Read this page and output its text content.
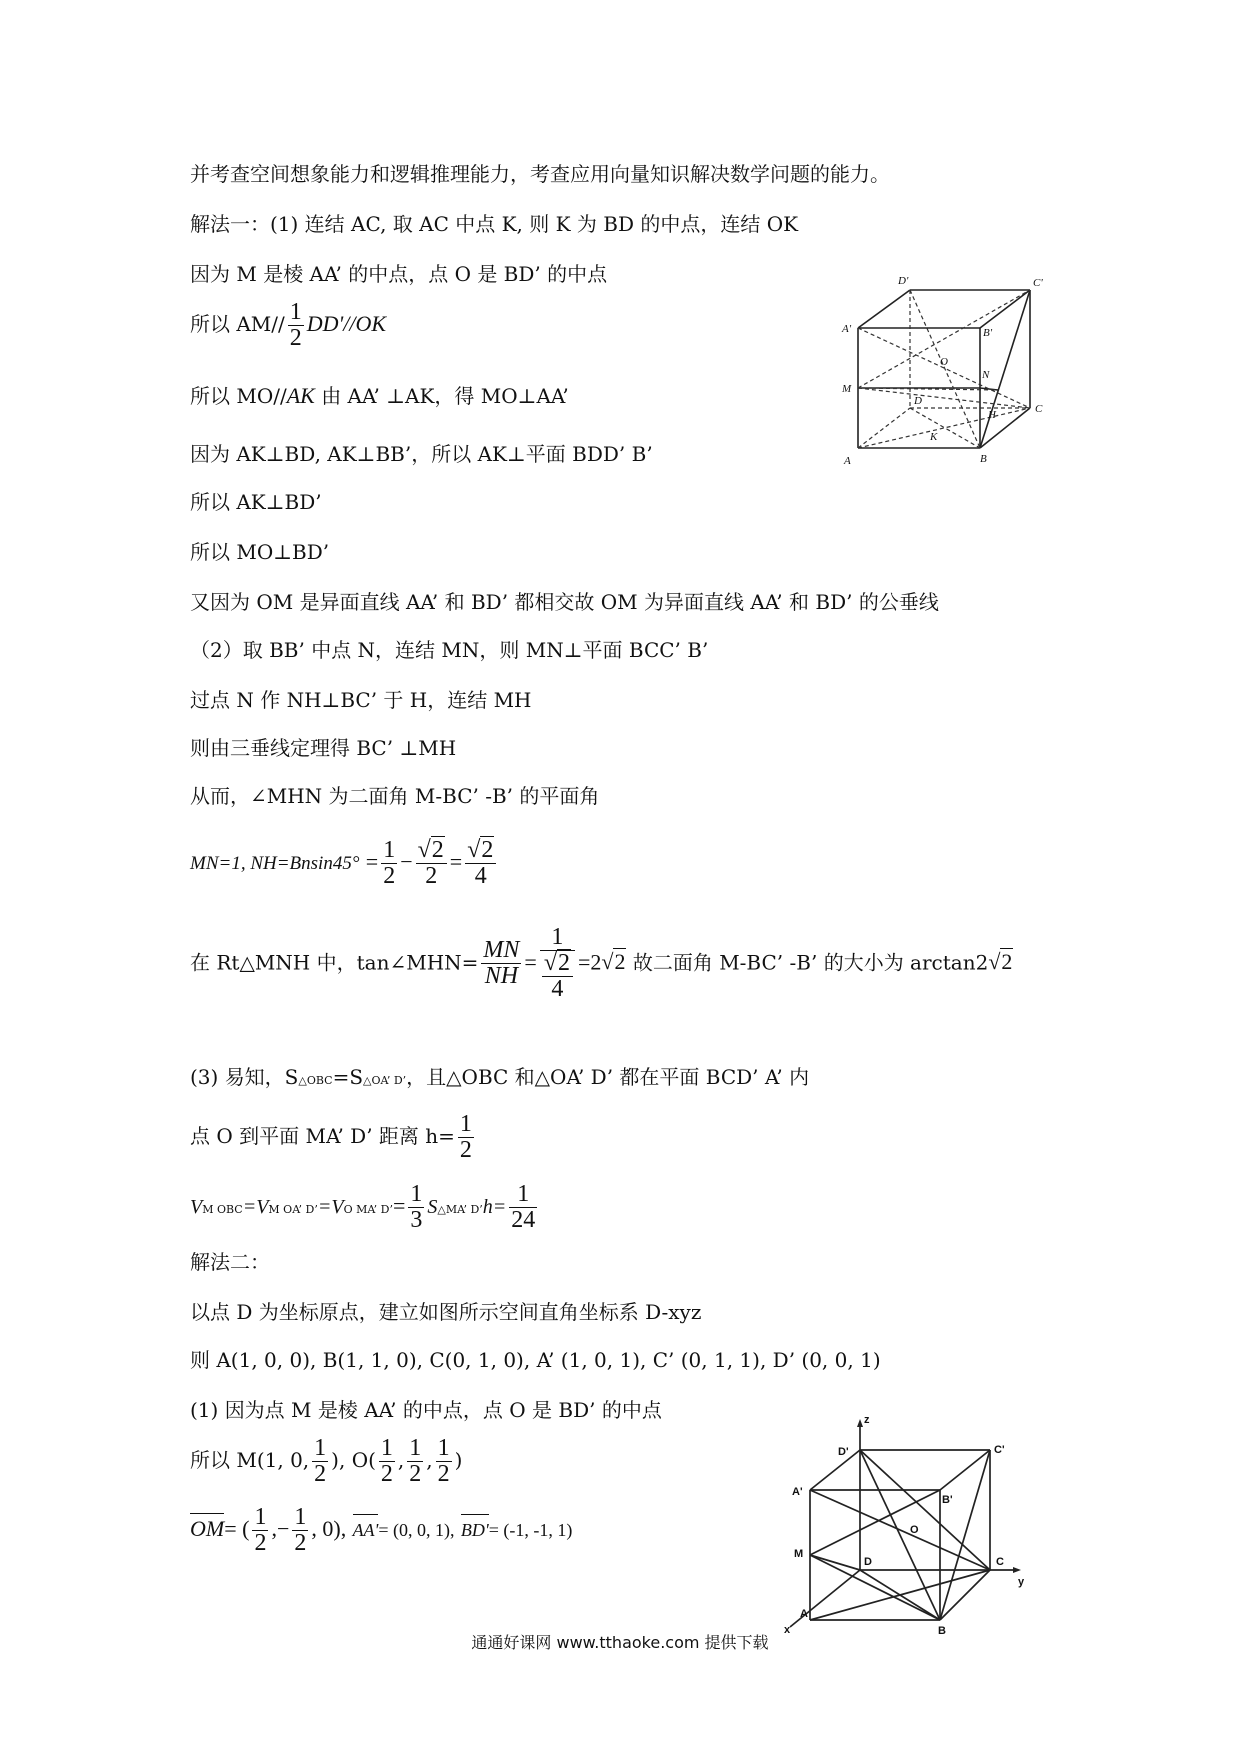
并考查空间想象能力和逻辑推理能力，考查应用向量知识解决数学问题的能力。
解法一：(1) 连结 AC, 取 AC 中点 K, 则 K 为 BD 的中点，连结 OK
因为 M 是棱 AA’ 的中点，点 O 是 BD’ 的中点
所以 $AM// \frac{1}{2} DD'//OK$
所以 MO//AK 由 AA’ ⊥AK，得 MO⊥AA’
因为 AK⊥BD, AK⊥BB’，所以 AK⊥平面 BDD’ B’
所以 AK⊥BD’
所以 MO⊥BD’
又因为 OM 是异面直线 AA’ 和 BD’ 都相交故 OM 为异面直线 AA’ 和 BD’ 的公垂线
（2）取 BB’ 中点 N，连结 MN，则 MN⊥平面 BCC’ B’
过点 N 作 NH⊥BC’ 于 H，连结 MH
则由三垂线定理得 BC’ ⊥MH
从而，∠MHN 为二面角 M-BC’ -B’ 的平面角
MN=1, $NH=Bnsin45^\circ = \frac{1}{2} - \frac{√2}{2} = \frac{√2}{4}$
在 Rt△MNH 中，tan∠MHN= $\frac{MN}{NH} = \frac{1}{\frac{√2}{4}} =2√2$ 故二面角 M-BC’ -B’ 的大小为 arctan2√2
(3) 易知，S△OBC=S△OA’ D’，且△OBC 和△OA’ D’ 都在平面 BCD’ A’ 内
点 O 到平面 MA’ D’ 距离 $h= \frac{1}{2}$
VM OBC=VM OA’ D’=VO MA’ D’= $\frac{1}{3}$ S△MA’ D’h= $\frac{1}{24}$
解法二：
以点 D 为坐标原点，建立如图所示空间直角坐标系 D-xyz
则 A(1, 0, 0), B(1, 1, 0), C(0, 1, 0), A’ (1, 0, 1), C’ (0, 1, 1), D’ (0, 0, 1)
(1) 因为点 M 是棱 AA’ 的中点，点 O 是 BD’ 的中点
所以 M(1, 0, $\frac{1}{2}$ ), $O( \frac{1}{2}$ , $\frac{1}{2}$ , $\frac{1}{2}$ )
OM= ( $\frac{1}{2}$ ,− $\frac{1}{2}$ , 0), AA'= (0, 0, 1), BD'= (-1, -1, 1)
D'	C'
A'	B'
O
N
M
C
D
H
K
A	B
z
D'	C'
A'
B'
O
M
D	C
y
A
B
x
通通好课网 www.tthaoke.com 提供下载
